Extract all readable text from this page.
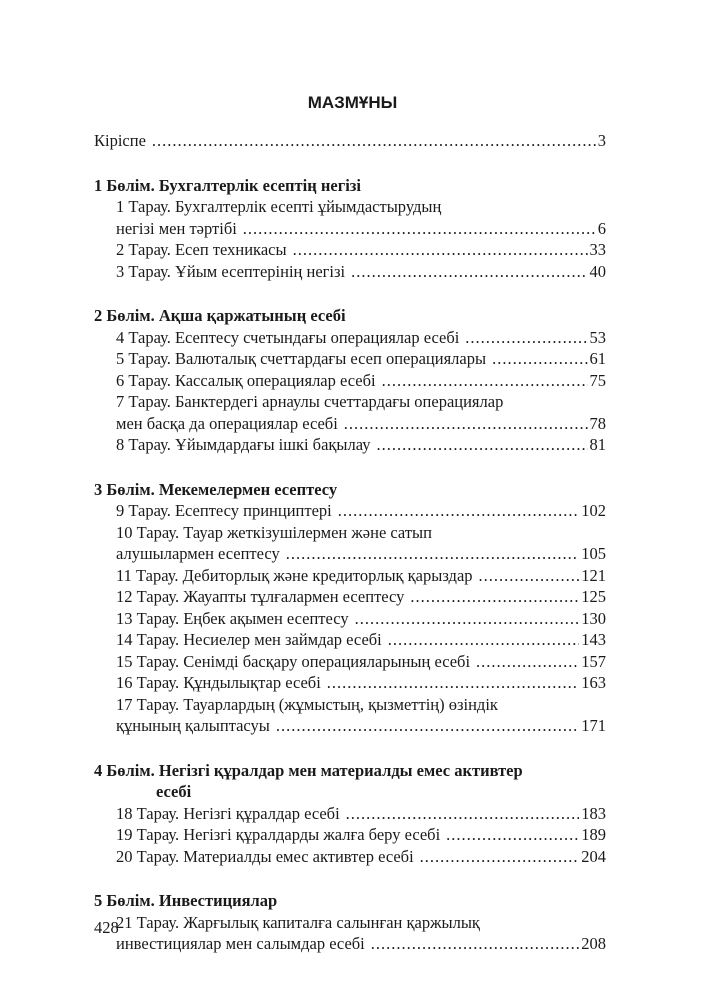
МАЗМҰНЫ
Кіріспе .....	3
1 Бөлім. Бухгалтерлік есептің негізі
1 Тарау. Бухгалтерлік есепті ұйымдастырудың
негізі мен тәртібі .....	6
2 Тарау. Есеп техникасы .....	33
3 Тарау. Ұйым есептерінің негізі .....	40
2 Бөлім. Ақша қаржатының есебі
4 Тарау. Есептесу счетындағы операциялар есебі .....	53
5 Тарау. Валюталық счеттардағы есеп операциялары .....	61
6 Тарау. Кассалық операциялар есебі .....	75
7 Тарау. Банктердегі арнаулы счеттардағы операциялар
мен басқа да операциялар есебі .....	78
8 Тарау. Ұйымдардағы ішкі бақылау .....	81
3 Бөлім. Мекемелермен есептесу
9 Тарау. Есептесу принциптері .....	102
10 Тарау. Тауар жеткізушілермен және сатып
алушылармен есептесу .....	105
11 Тарау. Дебиторлық және кредиторлық қарыздар .....	121
12 Тарау. Жауапты тұлғалармен есептесу .....	125
13 Тарау. Еңбек ақымен есептесу .....	130
14 Тарау. Несиелер мен займдар есебі .....	143
15 Тарау. Сенімді басқару операцияларының есебі .....	157
16 Тарау. Құндылықтар есебі .....	163
17 Тарау. Тауарлардың (жұмыстың, қызметтің) өзіндік
құнының қалыптасуы .....	171
4 Бөлім. Негізгі құралдар мен материалды емес активтер
есебі
18 Тарау. Негізгі құралдар есебі .....	183
19 Тарау. Негізгі құралдарды жалға беру есебі .....	189
20 Тарау. Материалды емес активтер есебі .....	204
5 Бөлім. Инвестициялар
21 Тарау. Жарғылық капиталға салынған қаржылық
инвестициялар мен салымдар есебі .....	208
428
